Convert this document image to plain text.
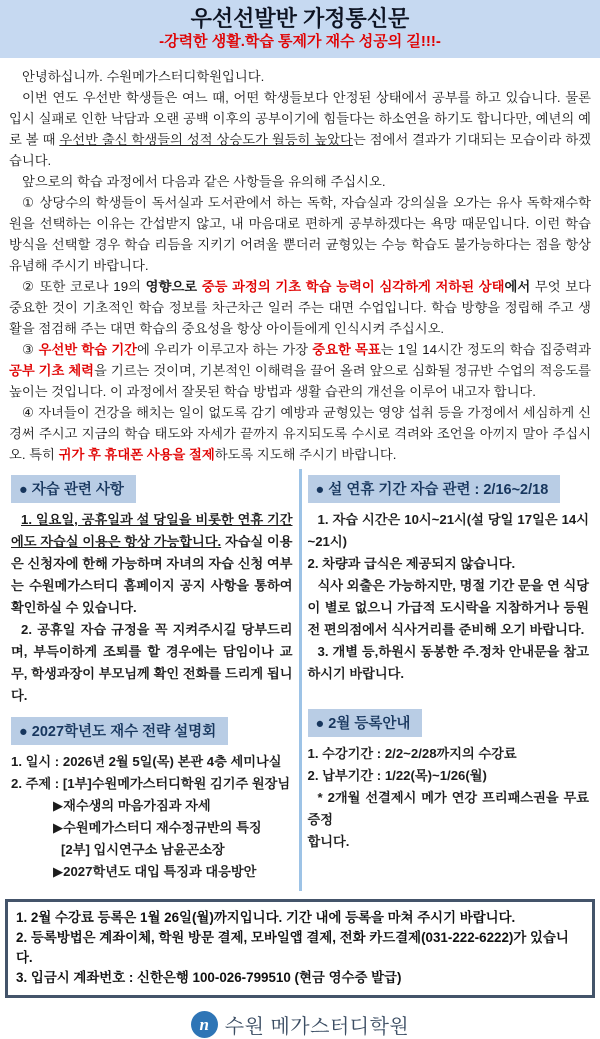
우선선발반 가정통신문
-강력한 생활.학습 통제가 재수 성공의 길!!!-

안녕하십니까. 수원메가스터디학원입니다.

이번 연도 우선반 학생들은 여느 때, 어떤 학생들보다 안정된 상태에서 공부를 하고 있습니다. 물론 입시 실패로 인한 낙담과 오랜 공백 이후의 공부이기에 힘들다는 하소연을 하기도 합니다만, 예년의 예로 볼 때 우선반 출신 학생들의 성적 상승도가 월등히 높았다는 점에서 결과가 기대되는 모습이라 하겠습니다.

앞으로의 학습 과정에서 다음과 같은 사항들을 유의해 주십시오.

① 상당수의 학생들이 독서실과 도서관에서 하는 독학, 자습실과 강의실을 오가는 유사 독학재수학원을 선택하는 이유는 간섭받지 않고, 내 마음대로 편하게 공부하겠다는 욕망 때문입니다. 이런 학습 방식을 선택할 경우 학습 리듬을 지키기 어려울 뿐더러 균형있는 수능 학습도 불가능하다는 점을 항상 유념해 주시기 바랍니다.

② 또한 코로나 19의 영향으로 중등 과정의 기초 학습 능력이 심각하게 저하된 상태에서 무엇 보다 중요한 것이 기초적인 학습 정보를 차근차근 일러 주는 대면 수업입니다. 학습 방향을 정립해 주고 생활을 점검해 주는 대면 학습의 중요성을 항상 아이들에게 인식시켜 주십시오.

③ 우선반 학습 기간에 우리가 이루고자 하는 가장 중요한 목표는 1일 14시간 정도의 학습 집중력과 공부 기초 체력을 기르는 것이며, 기본적인 이해력을 끌어 올려 앞으로 심화될 정규반 수업의 적응도를 높이는 것입니다. 이 과정에서 잘못된 학습 방법과 생활 습관의 개선을 이루어 내고자 합니다.

④ 자녀들이 건강을 해치는 일이 없도록 감기 예방과 균형있는 영양 섭취 등을 가정에서 세심하게 신경써 주시고 지금의 학습 태도와 자세가 끝까지 유지되도록 수시로 격려와 조언을 아끼지 말아 주십시오. 특히 귀가 후 휴대폰 사용을 절제하도록 지도해 주시기 바랍니다.

● 자습 관련 사항

1. 일요일, 공휴일과 설 당일을 비롯한 연휴 기간에도 자습실 이용은 항상 가능합니다. 자습실 이용은 신청자에 한해 가능하며 자녀의 자습 신청 여부는 수원메가스터디 홈페이지 공지 사항을 통하여 확인하실 수 있습니다.

2. 공휴일 자습 규정을 꼭 지켜주시길 당부드리며, 부득이하게 조퇴를 할 경우에는 담임이나 교무, 학생과장이 부모님께 확인 전화를 드리게 됩니다.

● 2027학년도 재수 전략 설명회

1. 일시 : 2026년 2월 5일(목) 본관 4층 세미나실

2. 주제 : [1부]수원메가스터디학원 김기주 원장님

▶재수생의 마음가짐과 자세

▶수원메가스터디 재수정규반의 특징

[2부] 입시연구소 남윤곤소장

▶2027학년도 대입 특징과 대응방안

● 설 연휴 기간 자습 관련 : 2/16~2/18

1. 자습 시간은 10시~21시(설 당일 17일은 14시~21시)

2. 차량과 급식은 제공되지 않습니다.

식사 외출은 가능하지만, 명절 기간 문을 연 식당이 별로 없으니 가급적 도시락을 지참하거나 등원 전 편의점에서 식사거리를 준비해 오기 바랍니다.

3. 개별 등,하원시 동봉한 주.정차 안내문을 참고하시기 바랍니다.

● 2월 등록안내

1. 수강기간 : 2/2~2/28까지의 수강료

2. 납부기간 : 1/22(목)~1/26(월)

* 2개월 선결제시 메가 연강 프리패스권을 무료 증정

합니다.

1. 2월 수강료 등록은 1월 26일(월)까지입니다. 기간 내에 등록을 마쳐 주시기 바랍니다.

2. 등록방법은 계좌이체, 학원 방문 결제, 모바일앱 결제, 전화 카드결제(031-222-6222)가 있습니다.

3. 입금시 계좌번호 : 신한은행 100-026-799510 (현금 영수증 발급)

n 수원 메가스터디학원
